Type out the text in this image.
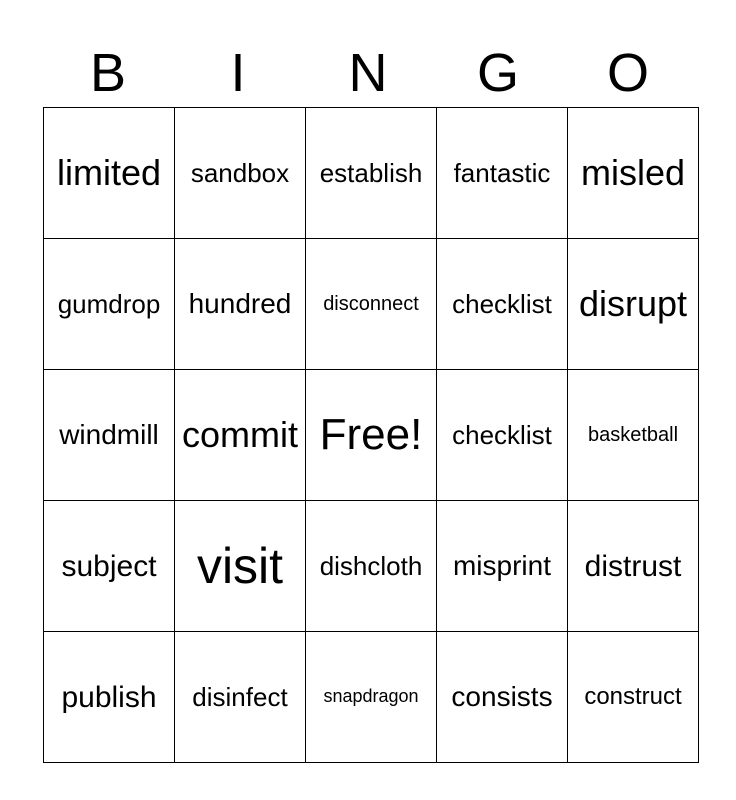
B	I	N	G	O
limited	sandbox	establish	fantastic	misled
gumdrop	hundred	disconnect	checklist	disrupt
windmill	commit	Free!	checklist	basketball
subject	visit	dishcloth	misprint	distrust
publish	disinfect	snapdragon	consists	construct
